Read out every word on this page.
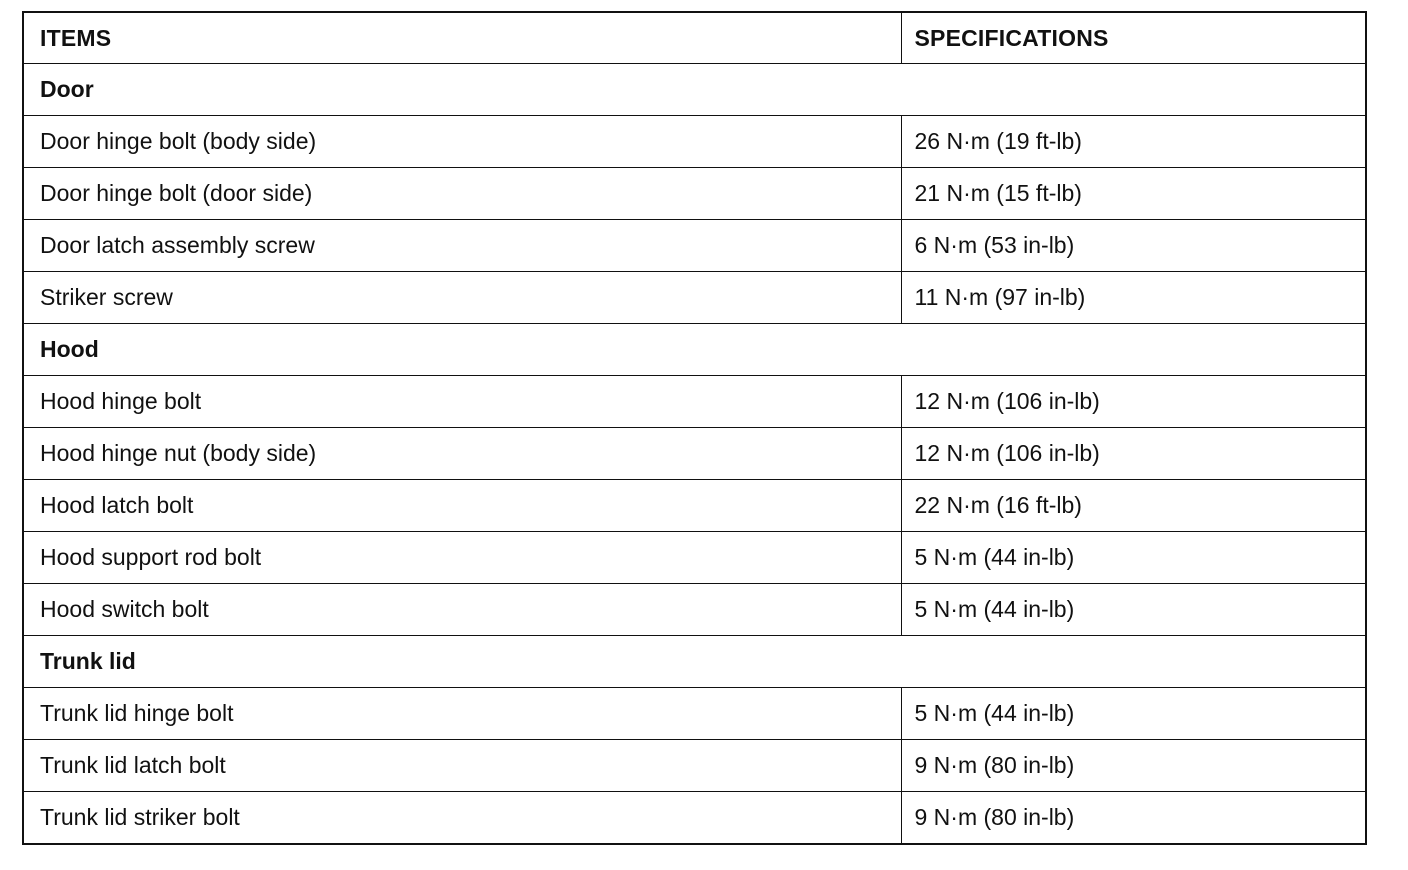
ITEMS	SPECIFICATIONS
Door	
Door hinge bolt (body side)	26 N·m (19 ft-lb)
Door hinge bolt (door side)	21 N·m (15 ft-lb)
Door latch assembly screw	6 N·m (53 in-lb)
Striker screw	11 N·m (97 in-lb)
Hood	
Hood hinge bolt	12 N·m (106 in-lb)
Hood hinge nut (body side)	12 N·m (106 in-lb)
Hood latch bolt	22 N·m (16 ft-lb)
Hood support rod bolt	5 N·m (44 in-lb)
Hood switch bolt	5 N·m (44 in-lb)
Trunk lid	
Trunk lid hinge bolt	5 N·m (44 in-lb)
Trunk lid latch bolt	9 N·m (80 in-lb)
Trunk lid striker bolt	9 N·m (80 in-lb)
